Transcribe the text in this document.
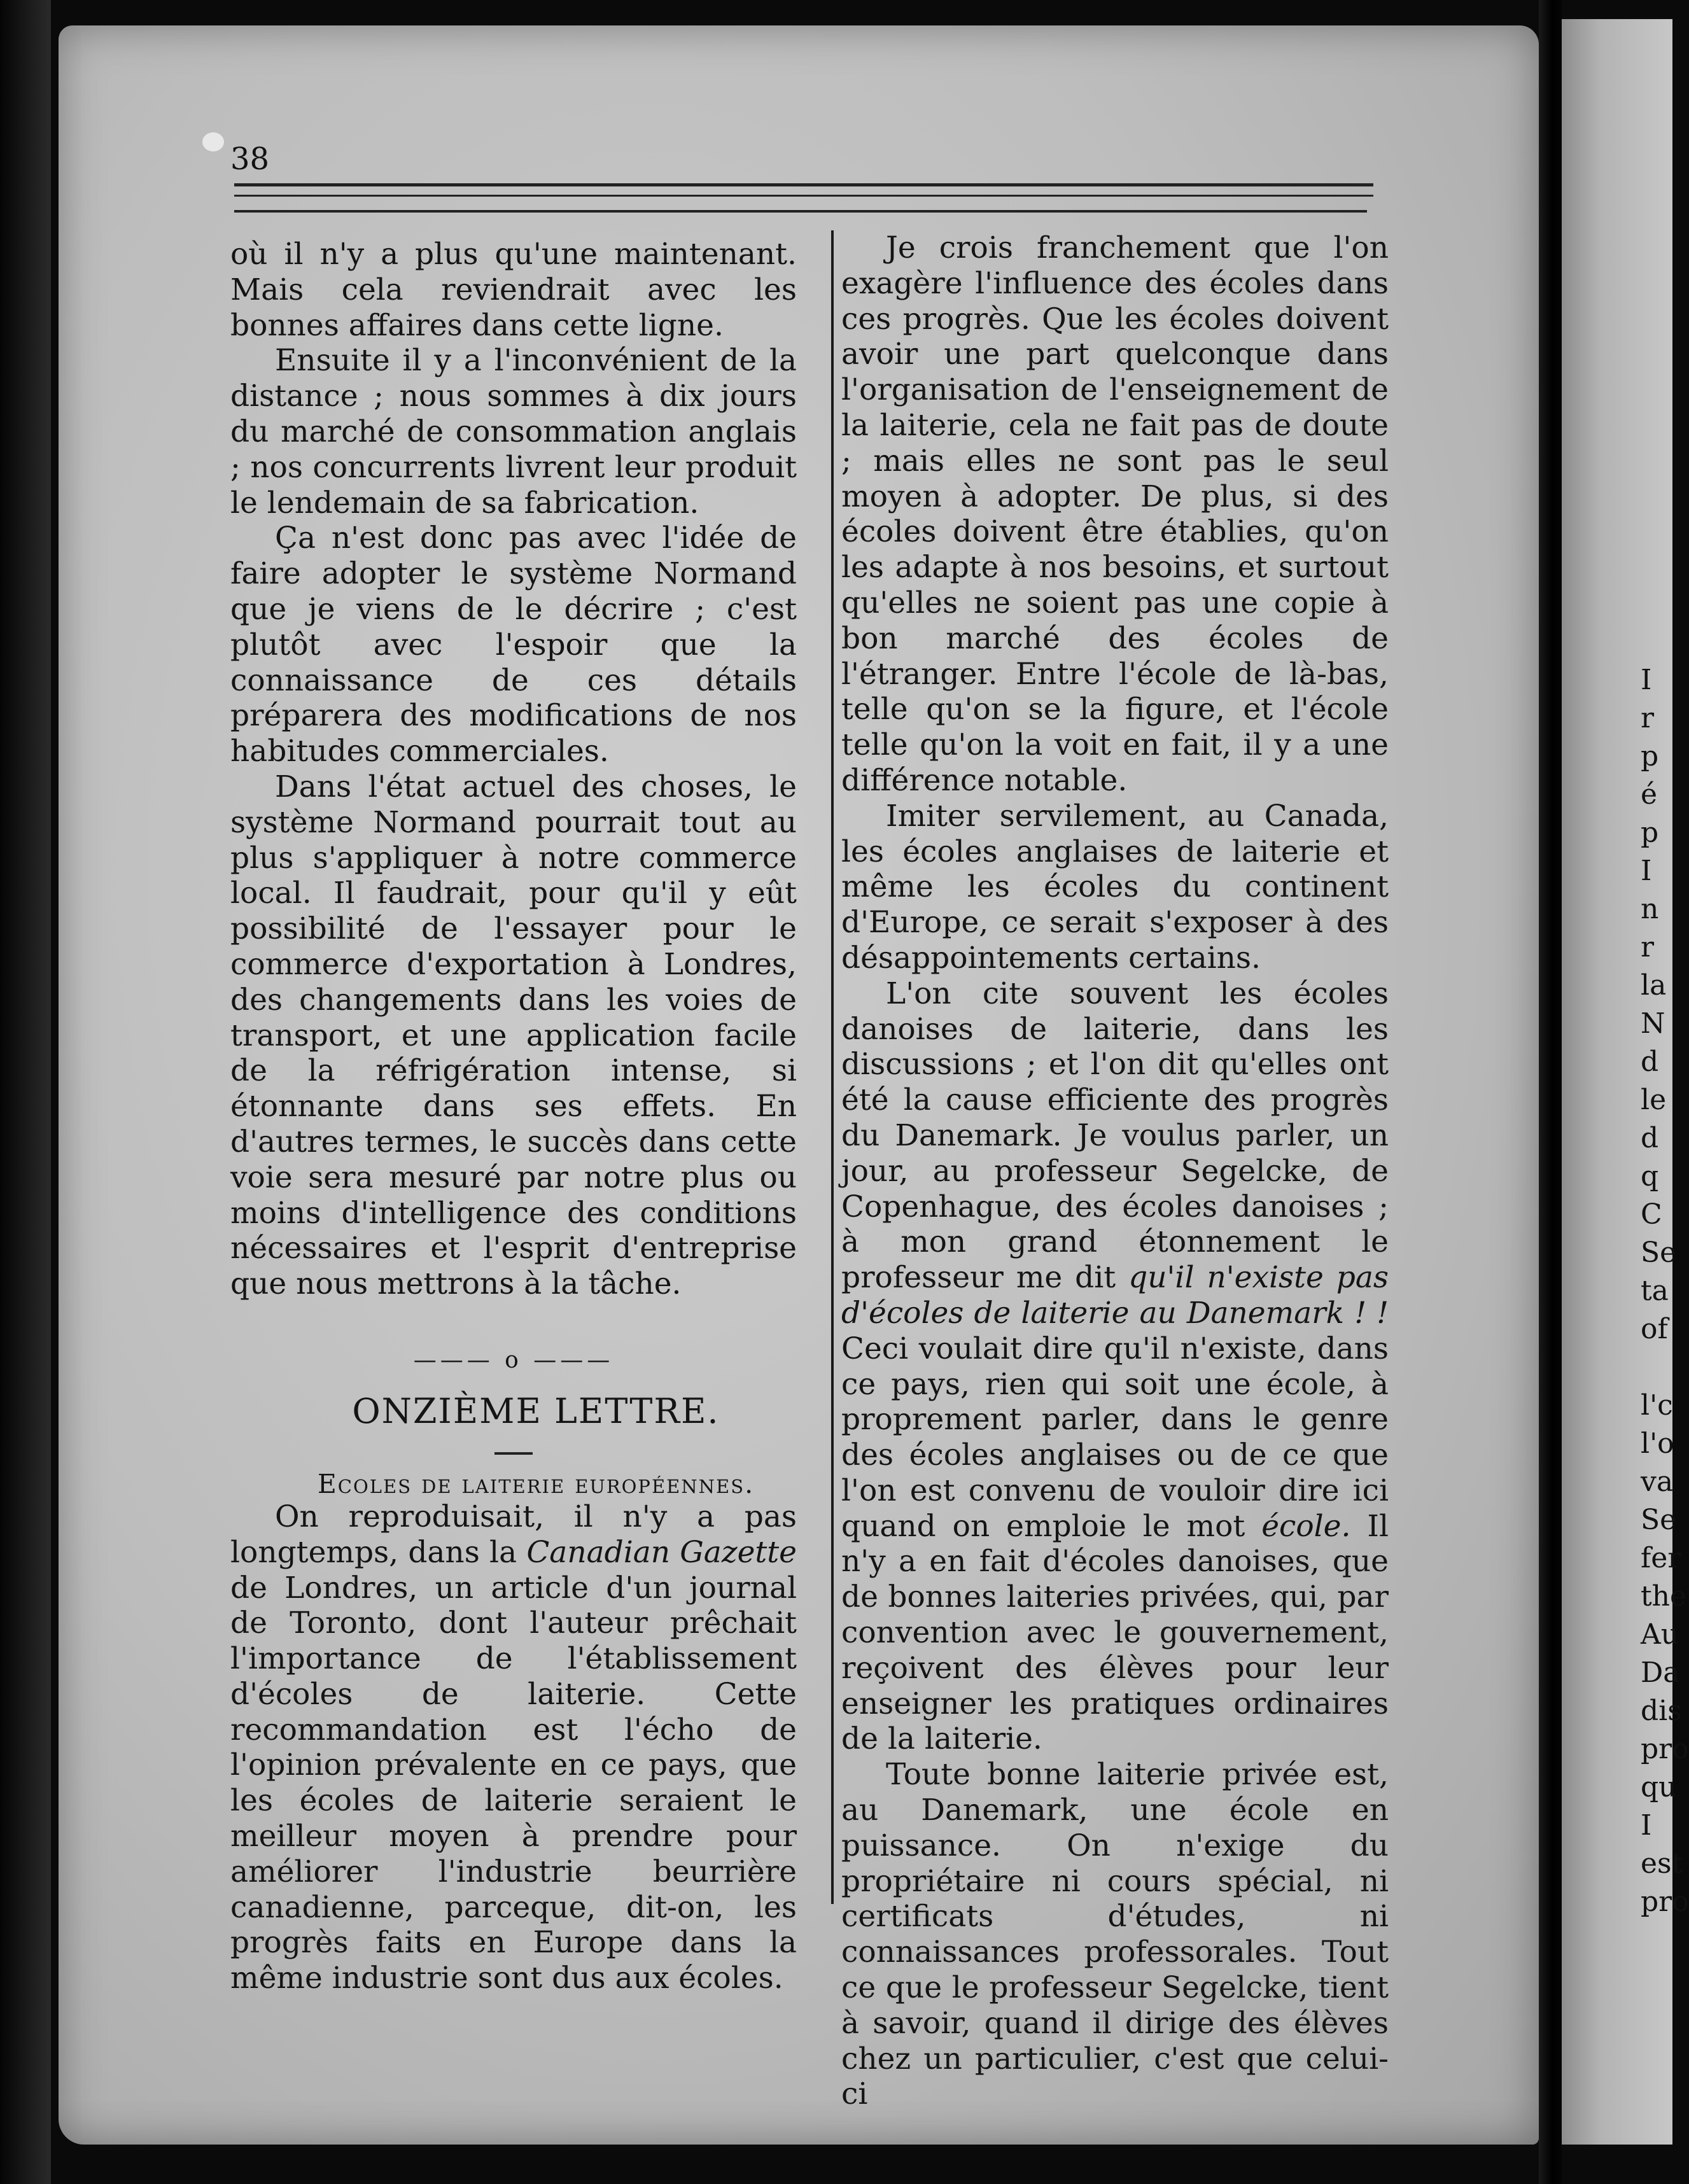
I
r
p
é
p
I
n
r
la
N
d
le
d
q
C
Se
ta
of
l'c
l'o
va
Se
fer
the
Au
Da
dis
pro
qu
I
est
pro
38

où il n'y a plus qu'une maintenant. Mais cela reviendrait avec les bonnes affaires dans cette ligne.

Ensuite il y a l'inconvénient de la distance ; nous sommes à dix jours du marché de consommation anglais ; nos concurrents livrent leur produit le lendemain de sa fabrication.

Ça n'est donc pas avec l'idée de faire adopter le système Normand que je viens de le décrire ; c'est plutôt avec l'espoir que la connaissance de ces détails préparera des modifications de nos habitudes commerciales.

Dans l'état actuel des choses, le système Normand pourrait tout au plus s'appliquer à notre commerce local. Il faudrait, pour qu'il y eût possibilité de l'essayer pour le commerce d'exportation à Londres, des changements dans les voies de transport, et une application facile de la réfrigération intense, si étonnante dans ses effets. En d'autres termes, le succès dans cette voie sera mesuré par notre plus ou moins d'intelligence des conditions nécessaires et l'esprit d'entreprise que nous mettrons à la tâche.

——— o ———

ONZIÈME LETTRE.

Ecoles de laiterie européennes.

On reproduisait, il n'y a pas longtemps, dans la Canadian Gazette de Londres, un article d'un journal de Toronto, dont l'auteur prêchait l'importance de l'établissement d'écoles de laiterie. Cette recommandation est l'écho de l'opinion prévalente en ce pays, que les écoles de laiterie seraient le meilleur moyen à prendre pour améliorer l'industrie beurrière canadienne, parceque, dit-on, les progrès faits en Europe dans la même industrie sont dus aux écoles.

Je crois franchement que l'on exagère l'influence des écoles dans ces progrès. Que les écoles doivent avoir une part quelconque dans l'organisation de l'enseignement de la laiterie, cela ne fait pas de doute ; mais elles ne sont pas le seul moyen à adopter. De plus, si des écoles doivent être établies, qu'on les adapte à nos besoins, et surtout qu'elles ne soient pas une copie à bon marché des écoles de l'étranger. Entre l'école de là-bas, telle qu'on se la figure, et l'école telle qu'on la voit en fait, il y a une différence notable.

Imiter servilement, au Canada, les écoles anglaises de laiterie et même les écoles du continent d'Europe, ce serait s'exposer à des désappointements certains.

L'on cite souvent les écoles danoises de laiterie, dans les discussions ; et l'on dit qu'elles ont été la cause efficiente des progrès du Danemark. Je voulus parler, un jour, au professeur Segelcke, de Copenhague, des écoles danoises ; à mon grand étonnement le professeur me dit qu'il n'existe pas d'écoles de laiterie au Danemark ! ! Ceci voulait dire qu'il n'existe, dans ce pays, rien qui soit une école, à proprement parler, dans le genre des écoles anglaises ou de ce que l'on est convenu de vouloir dire ici quand on emploie le mot école. Il n'y a en fait d'écoles danoises, que de bonnes laiteries privées, qui, par convention avec le gouvernement, reçoivent des élèves pour leur enseigner les pratiques ordinaires de la laiterie.

Toute bonne laiterie privée est, au Danemark, une école en puissance. On n'exige du propriétaire ni cours spécial, ni certificats d'études, ni connaissances professorales. Tout ce que le professeur Segelcke, tient à savoir, quand il dirige des élèves chez un particulier, c'est que celui-ci
